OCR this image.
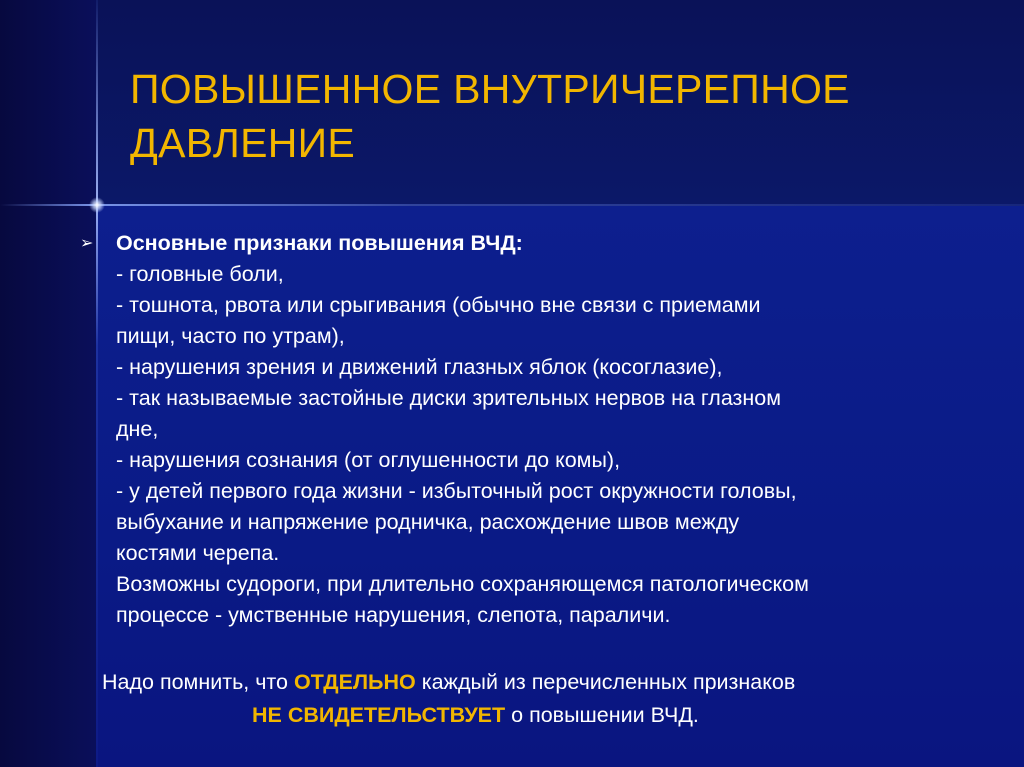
ПОВЫШЕННОЕ ВНУТРИЧЕРЕПНОЕ
ДАВЛЕНИЕ
➢ Основные признаки повышения ВЧД:
- головные боли,
- тошнота, рвота или срыгивания (обычно вне связи с приемами
пищи, часто по утрам),
- нарушения зрения и движений глазных яблок (косоглазие),
- так называемые застойные диски зрительных нервов на глазном
дне,
- нарушения сознания (от оглушенности до комы),
- у детей первого года жизни - избыточный рост окружности головы,
выбухание и напряжение родничка, расхождение швов между
костями черепа.
Возможны судороги, при длительно сохраняющемся патологическом
процессе - умственные нарушения, слепота, параличи.
Надо помнить, что ОТДЕЛЬНО каждый из перечисленных признаков
НЕ СВИДЕТЕЛЬСТВУЕТ о повышении ВЧД.
